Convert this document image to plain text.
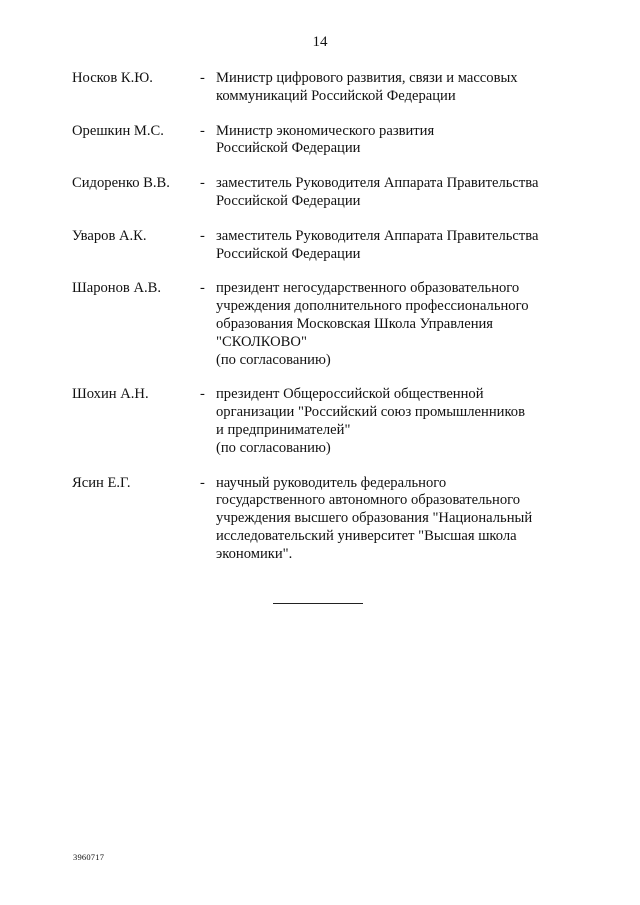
14
Носков К.Ю.	- Министр цифрового развития, связи и массовых
коммуникаций Российской Федерации
Орешкин М.С.	- Министр экономического развития
Российской Федерации
Сидоренко В.В.	- заместитель Руководителя Аппарата Правительства
Российской Федерации
Уваров А.К.	- заместитель Руководителя Аппарата Правительства
Российской Федерации
Шаронов А.В.	- президент негосударственного образовательного
учреждения дополнительного профессионального
образования Московская Школа Управления
"СКОЛКОВО"
(по согласованию)
Шохин А.Н.	- президент Общероссийской общественной
организации "Российский союз промышленников
и предпринимателей"
(по согласованию)
Ясин Е.Г.	- научный руководитель федерального
государственного автономного образовательного
учреждения высшего образования "Национальный
исследовательский университет "Высшая школа
экономики".
3960717
